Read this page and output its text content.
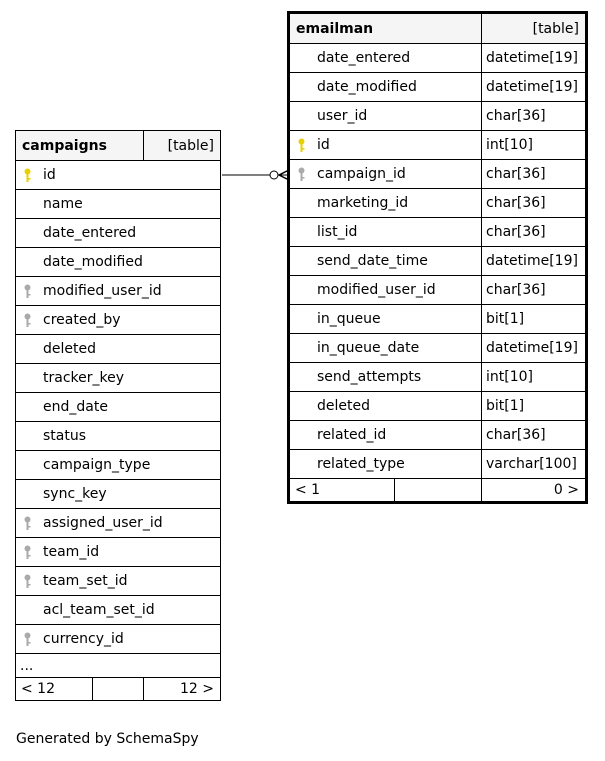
campaigns		[table]

id		
name		
date_entered		
date_modified		

modified_user_id		

created_by		
deleted		
tracker_key		
end_date		
status		
campaign_type		
sync_key		

assigned_user_id		

team_id		

team_set_id		
acl_team_set_id		

currency_id		
...		
< 12		12 >
emailman		[table]
date_entered		datetime[19]
date_modified		datetime[19]
user_id		char[36]

id		int[10]

campaign_id		char[36]
marketing_id		char[36]
list_id		char[36]
send_date_time		datetime[19]
modified_user_id		char[36]
in_queue		bit[1]
in_queue_date		datetime[19]
send_attempts		int[10]
deleted		bit[1]
related_id		char[36]
related_type		varchar[100]
< 1		0 >
Generated by SchemaSpy
